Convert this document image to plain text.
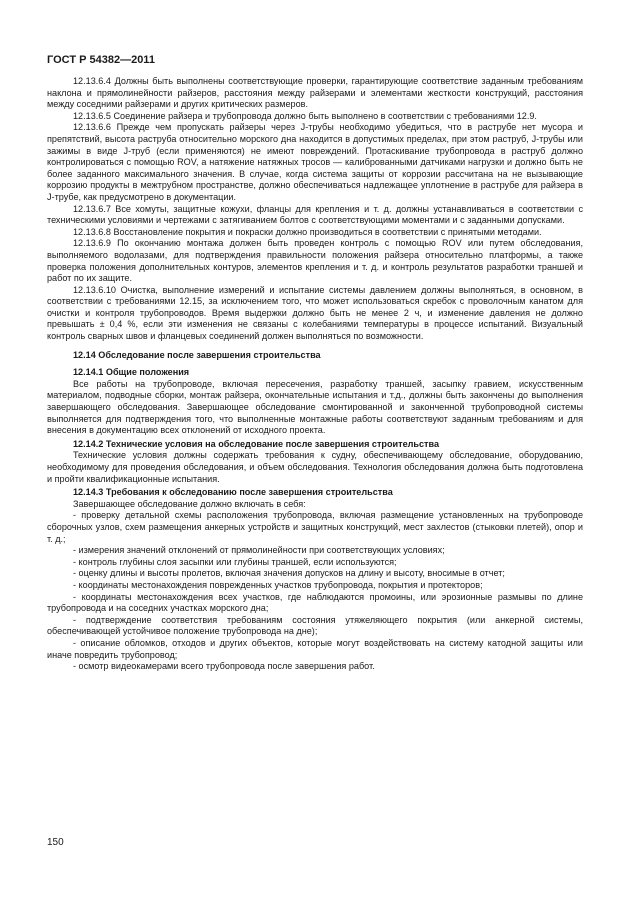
ГОСТ Р 54382—2011

12.13.6.4 Должны быть выполнены соответствующие проверки, гарантирующие соответствие заданным требованиям наклона и прямолинейности райзеров, расстояния между райзерами и элементами жесткости конструкций, расстояния между соседними райзерами и других критических размеров.

12.13.6.5 Соединение райзера и трубопровода должно быть выполнено в соответствии с требованиями 12.9.

12.13.6.6 Прежде чем пропускать райзеры через J-трубы необходимо убедиться, что в раструбе нет мусора и препятствий, высота раструба относительно морского дна находится в допустимых пределах, при этом раструб, J-трубы или зажимы в виде J-труб (если применяются) не имеют повреждений. Протаскивание трубопровода в раструб должно контролироваться с помощью ROV, а натяжение натяжных тросов — калиброванными датчиками нагрузки и должно быть не более заданного максимального значения. В случае, когда система защиты от коррозии рассчитана на не вызывающие коррозию продукты в межтрубном пространстве, должно обеспечиваться надлежащее уплотнение в раструбе для райзера в J-трубе, как предусмотрено в документации.

12.13.6.7 Все хомуты, защитные кожухи, фланцы для крепления и т. д. должны устанавливаться в соответствии с техническими условиями и чертежами с затягиванием болтов с соответствующими моментами и с заданными допусками.

12.13.6.8 Восстановление покрытия и покраски должно производиться в соответствии с принятыми методами.

12.13.6.9 По окончанию монтажа должен быть проведен контроль с помощью ROV или путем обследования, выполняемого водолазами, для подтверждения правильности положения райзера относительно платформы, а также проверка положения дополнительных контуров, элементов крепления и т. д. и контроль результатов разработки траншей и работ по их защите.

12.13.6.10 Очистка, выполнение измерений и испытание системы давлением должны выполняться, в основном, в соответствии с требованиями 12.15, за исключением того, что может использоваться скребок с проволочным канатом для очистки и контроля трубопроводов. Время выдержки должно быть не менее 2 ч, и изменение давления не должно превышать ± 0,4 %, если эти изменения не связаны с колебаниями температуры в процессе испытаний. Визуальный контроль сварных швов и фланцевых соединений должен выполняться по возможности.

12.14 Обследование после завершения строительства
12.14.1 Общие положения

Все работы на трубопроводе, включая пересечения, разработку траншей, засыпку гравием, искусственным материалом, подводные сборки, монтаж райзера, окончательные испытания и т.д., должны быть закончены до выполнения завершающего обследования. Завершающее обследование смонтированной и законченной трубопроводной системы выполняется для подтверждения того, что выполненные монтажные работы соответствуют заданным требованиям и для внесения в документацию всех отклонений от исходного проекта.

12.14.2 Технические условия на обследование после завершения строительства

Технические условия должны содержать требования к судну, обеспечивающему обследование, оборудованию, необходимому для проведения обследования, и объем обследования. Технология обследования должна быть подготовлена и пройти квалификационные испытания.

12.14.3 Требования к обследованию после завершения строительства

Завершающее обследование должно включать в себя:

- проверку детальной схемы расположения трубопровода, включая размещение установленных на трубопроводе сборочных узлов, схем размещения анкерных устройств и защитных конструкций, мест захлестов (стыковки плетей), опор и т. д.;

- измерения значений отклонений от прямолинейности при соответствующих условиях;

- контроль глубины слоя засыпки или глубины траншей, если используются;

- оценку длины и высоты пролетов, включая значения допусков на длину и высоту, вносимые в отчет;

- координаты местонахождения поврежденных участков трубопровода, покрытия и протекторов;

- координаты местонахождения всех участков, где наблюдаются промоины, или эрозионные размывы по длине трубопровода и на соседних участках морского дна;

- подтверждение соответствия требованиям состояния утяжеляющего покрытия (или анкерной системы, обеспечивающей устойчивое положение трубопровода на дне);

- описание обломков, отходов и других объектов, которые могут воздействовать на систему катодной защиты или иначе повредить трубопровод;

- осмотр видеокамерами всего трубопровода после завершения работ.

150
